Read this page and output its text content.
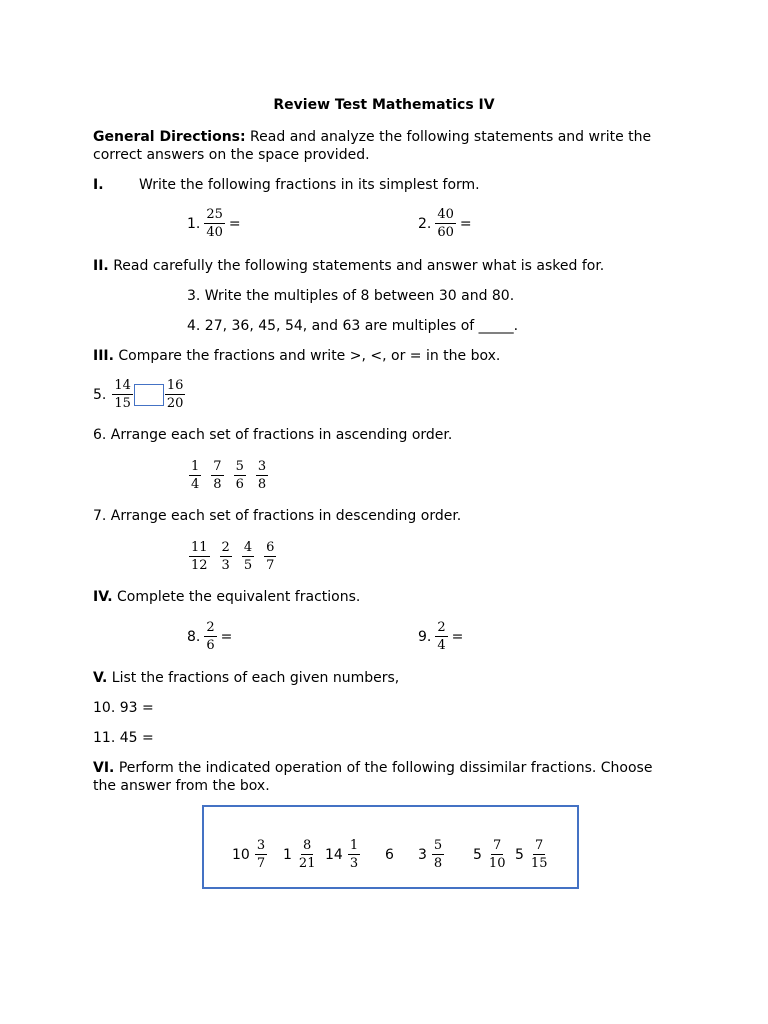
Review Test Mathematics IV
General Directions: Read and analyze the following statements and write the correct answers on the space provided.
I.	Write the following fractions in its simplest form.
1. $\frac{25}{40}$ =	2. $\frac{40}{60}$ =
II. Read carefully the following statements and answer what is asked for.
3. Write the multiples of 8 between 30 and 80.
4. 27, 36, 45, 54, and 63 are multiples of _____.
III. Compare the fractions and write >, <, or = in the box.
5. $\frac{14}{15} \frac{16}{20}$
6. Arrange each set of fractions in ascending order.
$\frac{1}{4} \frac{7}{8} \frac{5}{6} \frac{3}{8}$
7. Arrange each set of fractions in descending order.
$\frac{11}{12} \frac{2}{3} \frac{4}{5} \frac{6}{7}$
IV. Complete the equivalent fractions.
8. $\frac{2}{6}$ =	9. $\frac{2}{4}$ =
V. List the fractions of each given numbers,
10. 93 =
11. 45 =
VI. Perform the indicated operation of the following dissimilar fractions. Choose the answer from the box.
$10 \frac{3}{7} 1 \frac{8}{21} 14 \frac{1}{3} 6$ $3 \frac{5}{8} 5 \frac{7}{10} 5 \frac{7}{15}$
